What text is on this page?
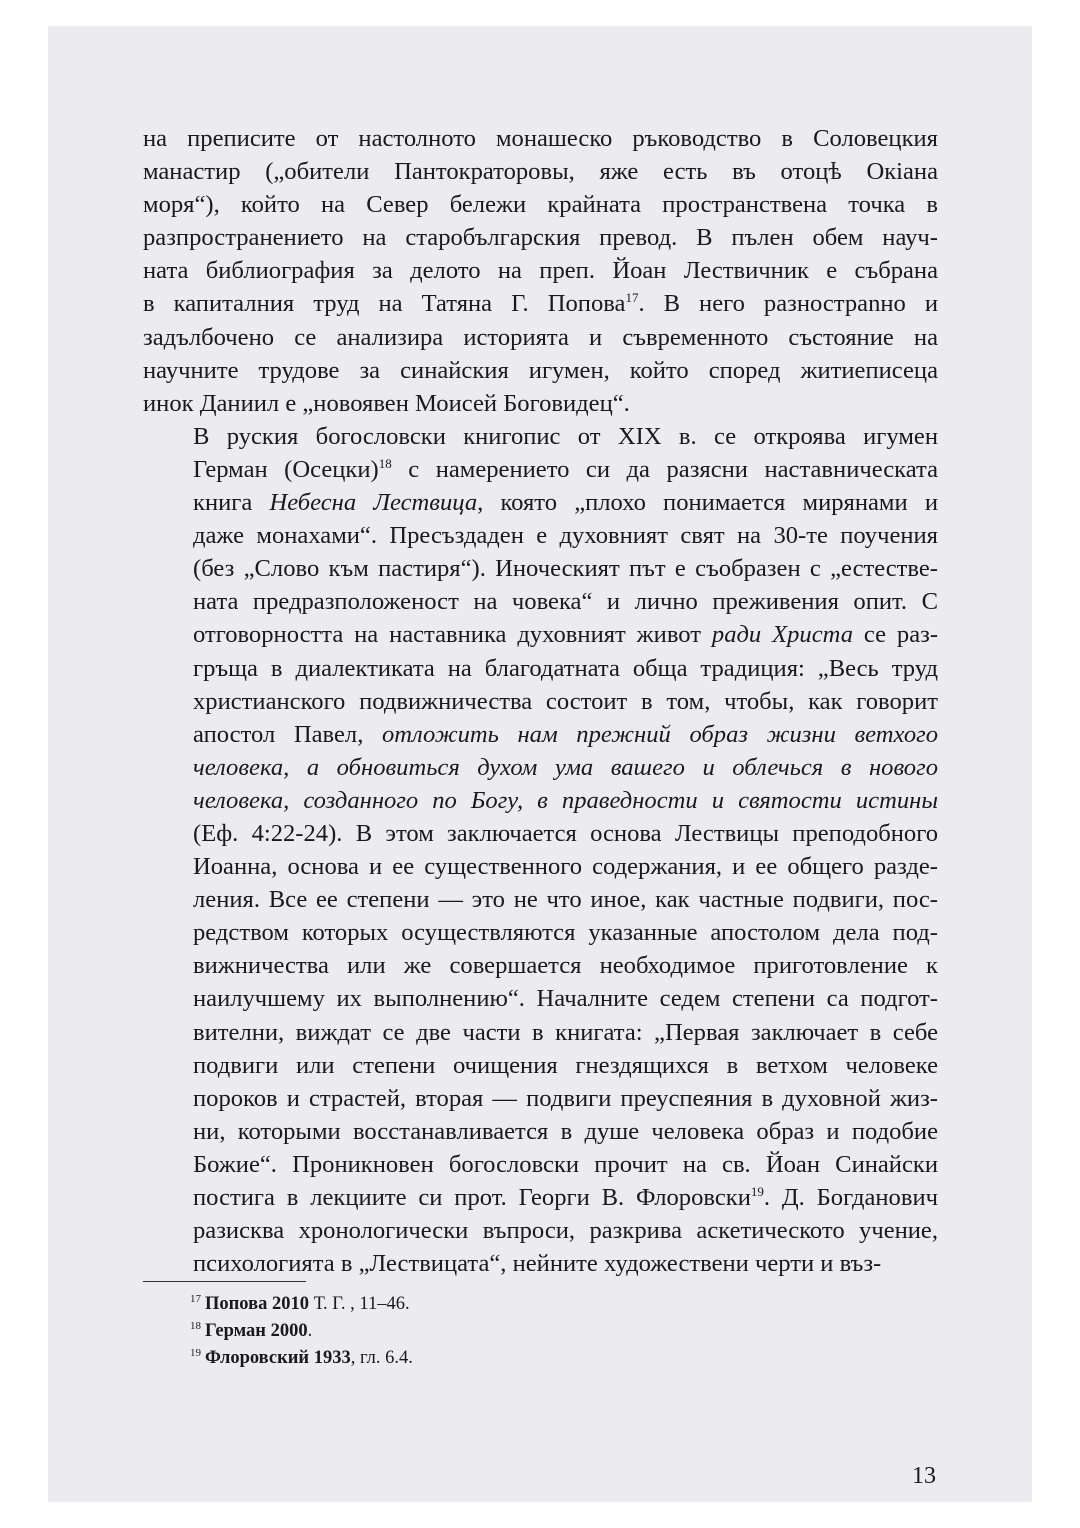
на преписите от настолното монашеско ръководство в Соловецкия
манастир („обители Пантократоровы, яже есть въ отоцѣ Окіана
моря“), който на Север бележи крайната пространствена точка в
разпространението на старобългарския превод. В пълен обем науч-
ната библиография за делото на преп. Йоан Лествичник е събрана
в капиталния труд на Татяна Г. Попова$^{17}$. В него разнострanно и
задълбочено се анализира историята и съвременното състояние на
научните трудове за синайския игумен, който според житиеписеца
инок Даниил е „новоявен Моисей Боговидец“.

В руския богословски книгопис от XIX в. се откроява игумен
Герман (Осецки)$^{18}$ с намерението си да разясни наставническата
книга Небесна Лествица, която „плохо понимается мирянами и
даже монахами“. Пресъздаден е духовният свят на 30-те поучения
(без „Слово към пастиря“). Иноческият път е съобразен с „естестве-
ната предразположеност на човека“ и лично преживения опит. С
отговорността на наставника духовният живот ради Христа се раз-
гръща в диалектиката на благодатната обща традиция: „Весь труд
христианского подвижничества состоит в том, чтобы, как говорит
апостол Павел, отложить нам прежний образ жизни ветхого
человека, а обновиться духом ума вашего и облечься в нового
человека, созданного по Богу, в праведности и святости истины
(Еф. 4:22-24). В этом заключается основа Лествицы преподобного
Иоанна, основа и ее существенного содержания, и ее общего разде-
ления. Все ее степени — это не что иное, как частные подвиги, пос-
редством которых осуществляются указанные апостолом дела под-
вижничества или же совершается необходимое приготовление к
наилучшему их выполнению“. Началните седем степени са подгот-
вителни, виждат се две части в книгата: „Первая заключает в себе
подвиги или степени очищения гнездящихся в ветхом человеке
пороков и страстей, вторая — подвиги преуспеяния в духовной жиз-
ни, которыми восстанавливается в душе человека образ и подобие
Божие“. Проникновен богословски прочит на св. Йоан Синайски
постига в лекциите си прот. Георги В. Флоровски$^{19}$. Д. Богданович
разисква хронологически въпроси, разкрива аскетическото учение,
психологията в „Лествицата“, нейните художествени черти и въз-

$^{17}$ Попова 2010 Т. Г. , 11–46.
$^{18}$ Герман 2000.
$^{19}$ Флоровский 1933, гл. 6.4.
13
